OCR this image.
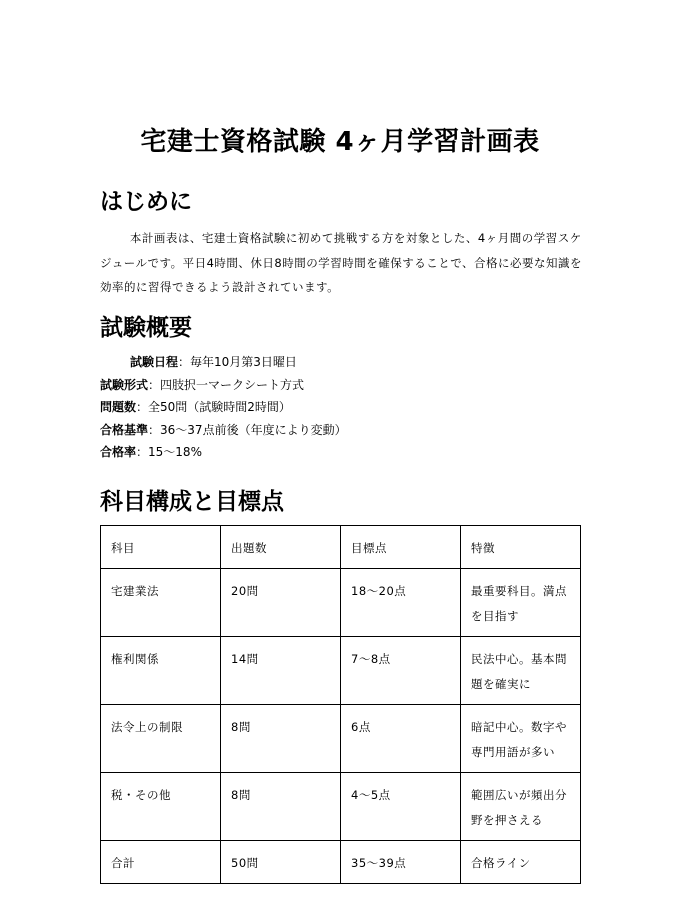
宅建士資格試験 4ヶ月学習計画表
はじめに
本計画表は、宅建士資格試験に初めて挑戦する方を対象とした、4ヶ月間の学習スケジュールです。平日4時間、休日8時間の学習時間を確保することで、合格に必要な知識を効率的に習得できるよう設計されています。
試験概要
試験日程：毎年10月第3日曜日
試験形式：四肢択一マークシート方式
問題数：全50問（試験時間2時間）
合格基準：36〜37点前後（年度により変動）
合格率：15〜18%
科目構成と目標点
科目	出題数	目標点	特徴
宅建業法	20問	18〜20点	最重要科目。満点を目指す
権利関係	14問	7〜8点	民法中心。基本問題を確実に
法令上の制限	8問	6点	暗記中心。数字や専門用語が多い
税・その他	8問	4〜5点	範囲広いが頻出分野を押さえる
合計	50問	35〜39点	合格ライン
